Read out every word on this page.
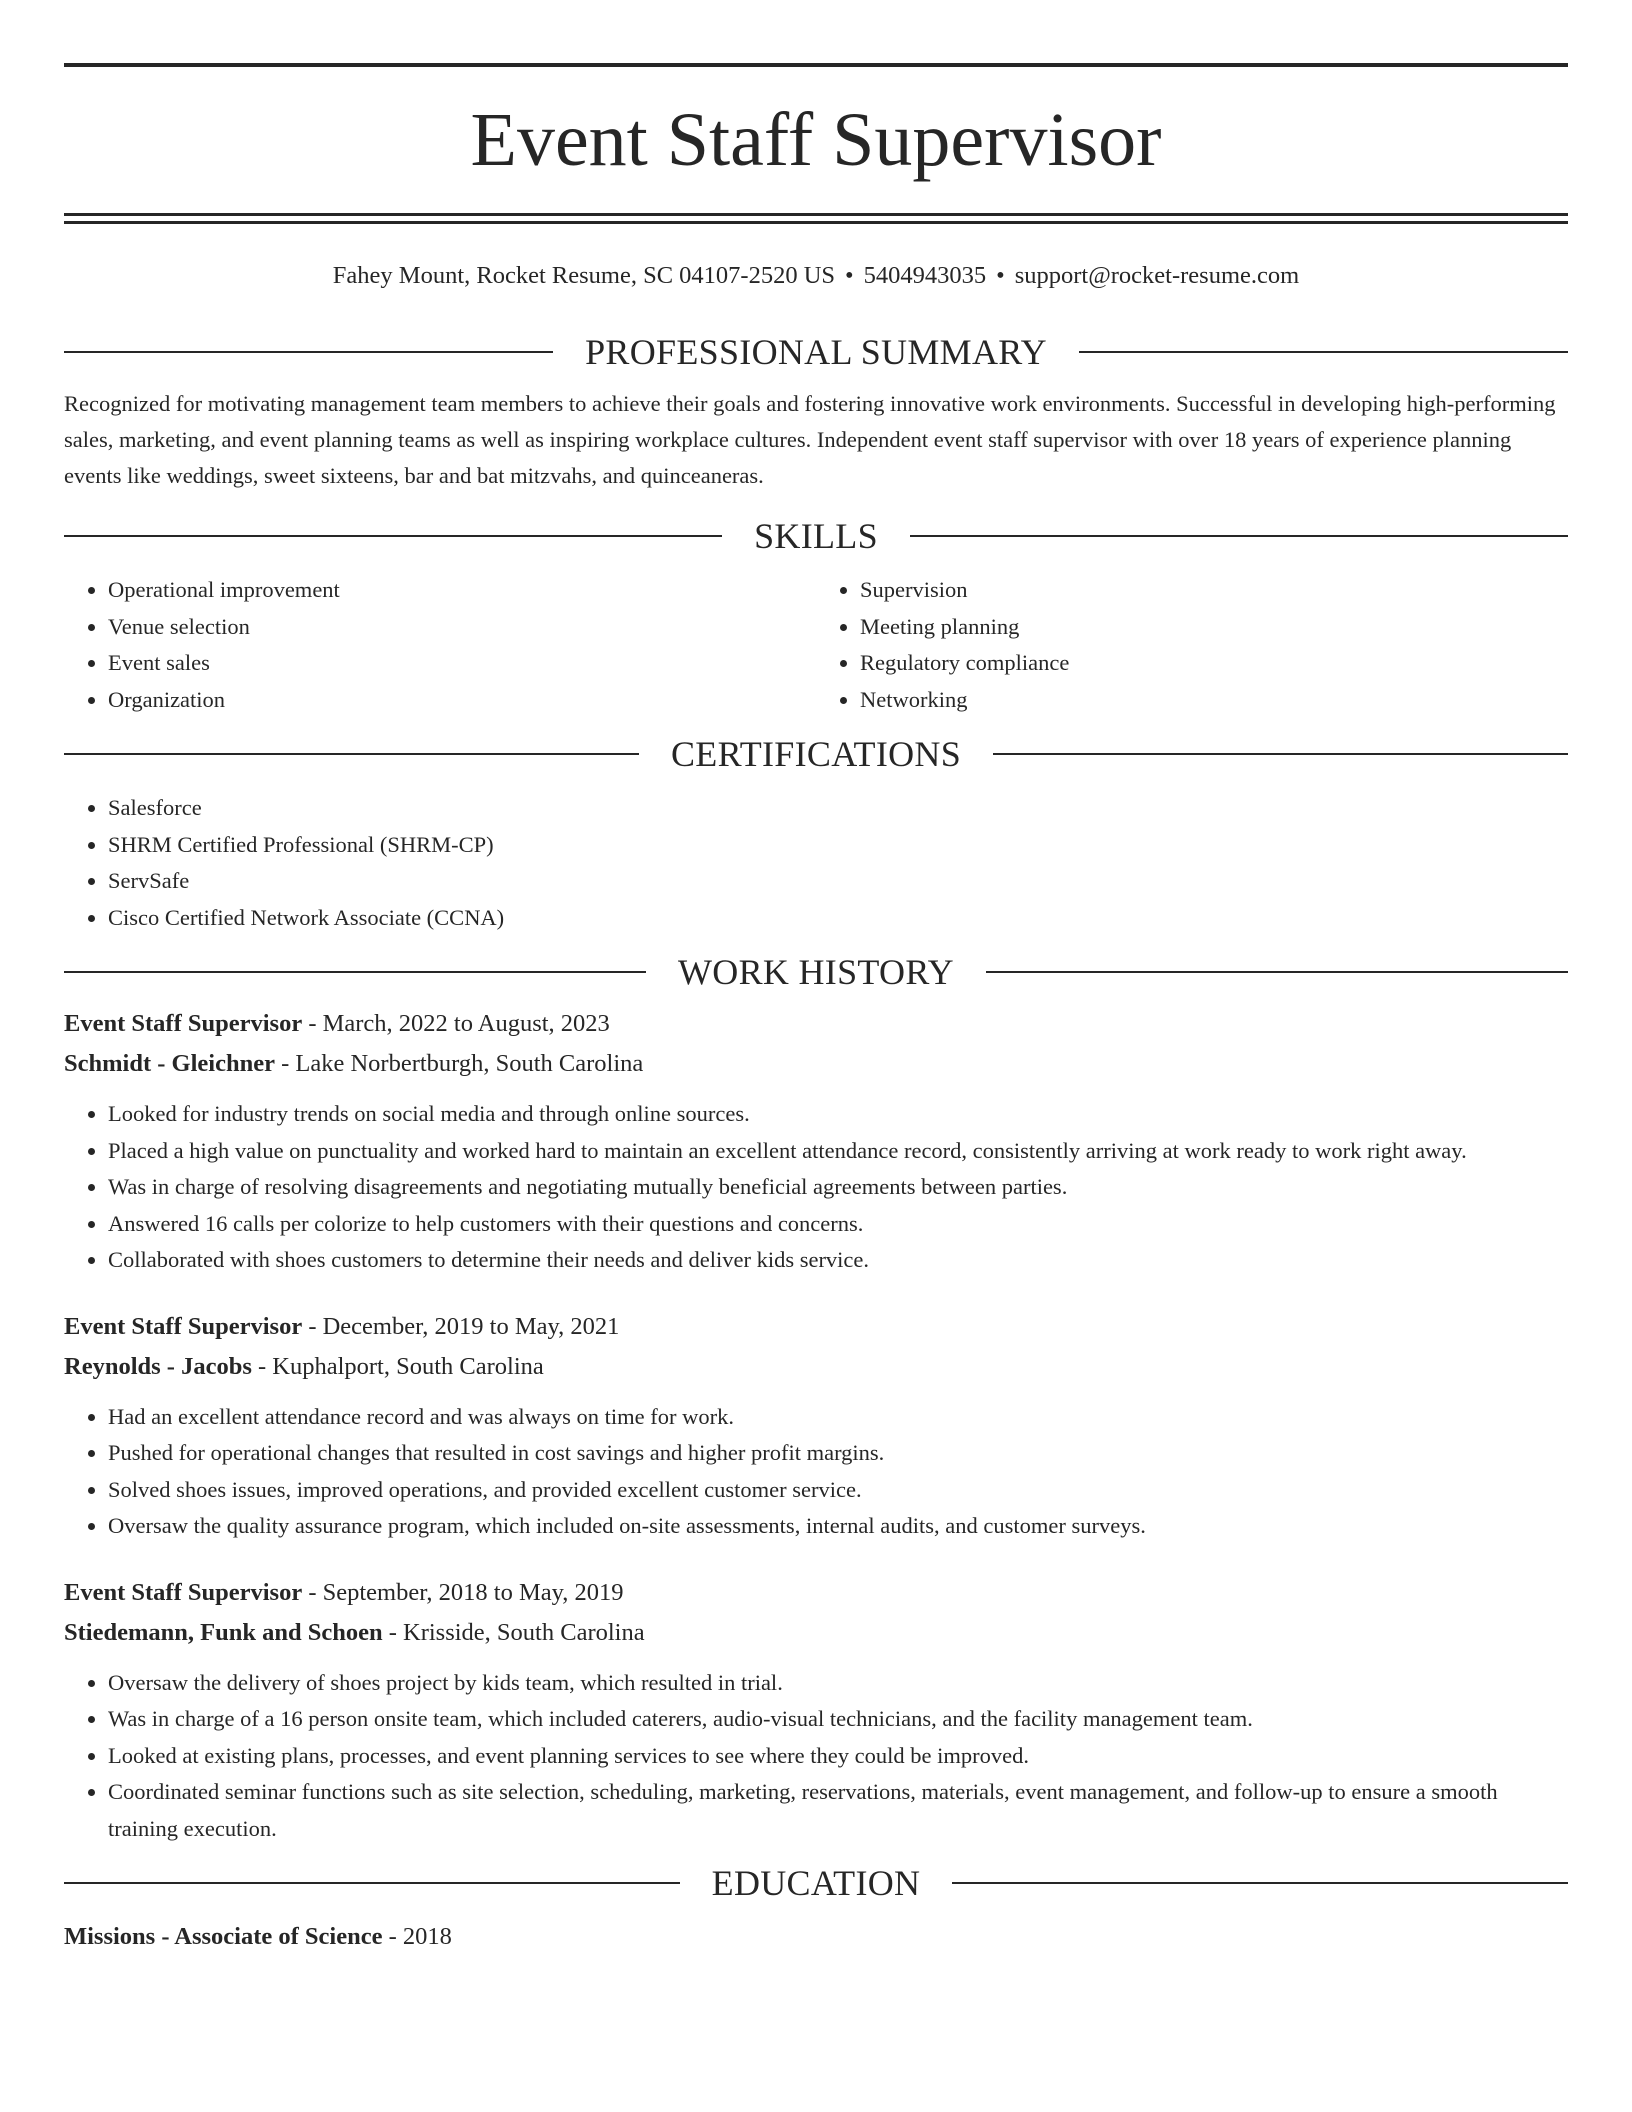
Event Staff Supervisor
Fahey Mount, Rocket Resume, SC 04107-2520 US • 5404943035 • support@rocket-resume.com
PROFESSIONAL SUMMARY

Recognized for motivating management team members to achieve their goals and fostering innovative work environments. Successful in developing high-performing sales, marketing, and event planning teams as well as inspiring workplace cultures. Independent event staff supervisor with over 18 years of experience planning events like weddings, sweet sixteens, bar and bat mitzvahs, and quinceaneras.

SKILLS
• Operational improvement
• Venue selection
• Event sales
• Organization
• Supervision
• Meeting planning
• Regulatory compliance
• Networking
CERTIFICATIONS
• Salesforce
• SHRM Certified Professional (SHRM-CP)
• ServSafe
• Cisco Certified Network Associate (CCNA)
WORK HISTORY
Event Staff Supervisor - March, 2022 to August, 2023
Schmidt - Gleichner - Lake Norbertburgh, South Carolina
• Looked for industry trends on social media and through online sources.
• Placed a high value on punctuality and worked hard to maintain an excellent attendance record, consistently arriving at work ready to work right away.
• Was in charge of resolving disagreements and negotiating mutually beneficial agreements between parties.
• Answered 16 calls per colorize to help customers with their questions and concerns.
• Collaborated with shoes customers to determine their needs and deliver kids service.
Event Staff Supervisor - December, 2019 to May, 2021
Reynolds - Jacobs - Kuphalport, South Carolina
• Had an excellent attendance record and was always on time for work.
• Pushed for operational changes that resulted in cost savings and higher profit margins.
• Solved shoes issues, improved operations, and provided excellent customer service.
• Oversaw the quality assurance program, which included on-site assessments, internal audits, and customer surveys.
Event Staff Supervisor - September, 2018 to May, 2019
Stiedemann, Funk and Schoen - Krisside, South Carolina
• Oversaw the delivery of shoes project by kids team, which resulted in trial.
• Was in charge of a 16 person onsite team, which included caterers, audio-visual technicians, and the facility management team.
• Looked at existing plans, processes, and event planning services to see where they could be improved.
• Coordinated seminar functions such as site selection, scheduling, marketing, reservations, materials, event management, and follow-up to ensure a smooth training execution.
EDUCATION
Missions - Associate of Science - 2018
